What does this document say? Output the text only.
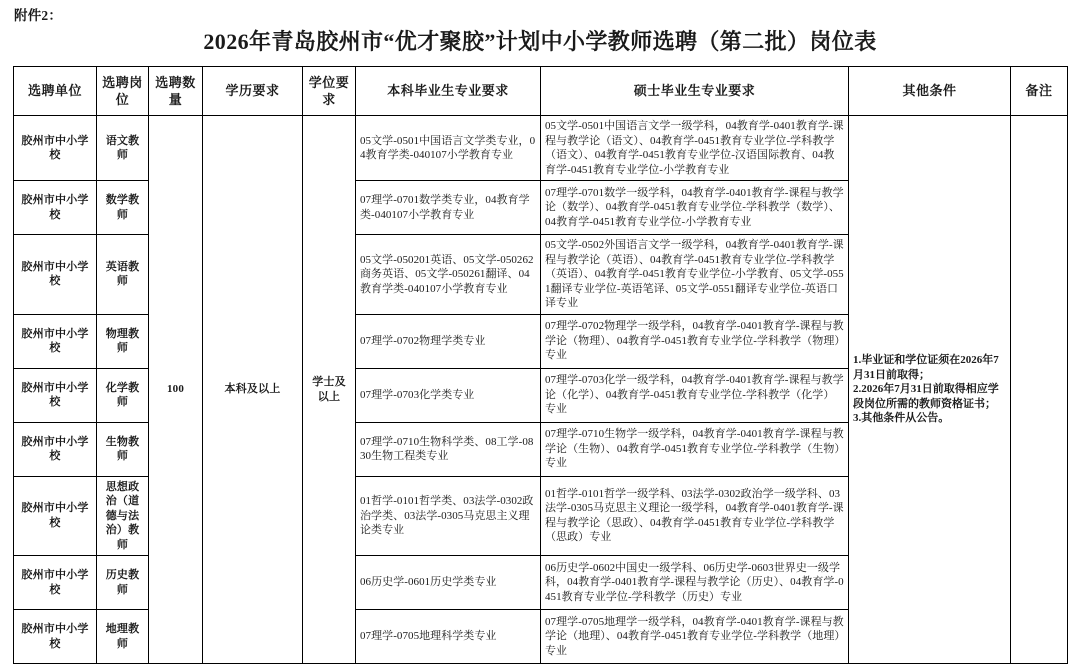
附件2：
2026年青岛胶州市“优才聚胶”计划中小学教师选聘（第二批）岗位表
选聘单位	选聘岗位	选聘数量	学历要求	学位要求	本科毕业生专业要求	硕士毕业生专业要求	其他条件	备注
胶州市中小学校	语文教师	100	本科及以上	学士及以上	05文学-0501中国语言文学类专业，04教育学类-040107小学教育专业	05文学-0501中国语言文学一级学科，04教育学-0401教育学-课程与教学论（语文）、04教育学-0451教育专业学位-学科教学（语文）、04教育学-0451教育专业学位-汉语国际教育、04教育学-0451教育专业学位-小学教育专业	1.毕业证和学位证须在2026年7月31日前取得；
2.2026年7月31日前取得相应学段岗位所需的教师资格证书；
3.其他条件从公告。	

胶州市中小学校	数学教师				07理学-0701数学类专业，04教育学类-040107小学教育专业	07理学-0701数学一级学科，04教育学-0401教育学-课程与教学论（数学）、04教育学-0451教育专业学位-学科教学（数学）、04教育学-0451教育专业学位-小学教育专业		
胶州市中小学校	英语教师				05文学-050201英语、05文学-050262商务英语、05文学-050261翻译、04教育学类-040107小学教育专业	05文学-0502外国语言文学一级学科，04教育学-0401教育学-课程与教学论（英语）、04教育学-0451教育专业学位-学科教学（英语）、04教育学-0451教育专业学位-小学教育、05文学-0551翻译专业学位-英语笔译、05文学-0551翻译专业学位-英语口译专业		
胶州市中小学校	物理教师				07理学-0702物理学类专业	07理学-0702物理学一级学科，04教育学-0401教育学-课程与教学论（物理）、04教育学-0451教育专业学位-学科教学（物理）专业		
胶州市中小学校	化学教师				07理学-0703化学类专业	07理学-0703化学一级学科，04教育学-0401教育学-课程与教学论（化学）、04教育学-0451教育专业学位-学科教学（化学）专业		
胶州市中小学校	生物教师				07理学-0710生物科学类、08工学-0830生物工程类专业	07理学-0710生物学一级学科，04教育学-0401教育学-课程与教学论（生物）、04教育学-0451教育专业学位-学科教学（生物）专业		
胶州市中小学校	思想政治（道德与法治）教师				01哲学-0101哲学类、03法学-0302政治学类、03法学-0305马克思主义理论类专业	01哲学-0101哲学一级学科、03法学-0302政治学一级学科、03法学-0305马克思主义理论一级学科，04教育学-0401教育学-课程与教学论（思政）、04教育学-0451教育专业学位-学科教学（思政）专业		
胶州市中小学校	历史教师				06历史学-0601历史学类专业	06历史学-0602中国史一级学科、06历史学-0603世界史一级学科，04教育学-0401教育学-课程与教学论（历史）、04教育学-0451教育专业学位-学科教学（历史）专业		
胶州市中小学校	地理教师				07理学-0705地理科学类专业	07理学-0705地理学一级学科，04教育学-0401教育学-课程与教学论（地理）、04教育学-0451教育专业学位-学科教学（地理）专业		
